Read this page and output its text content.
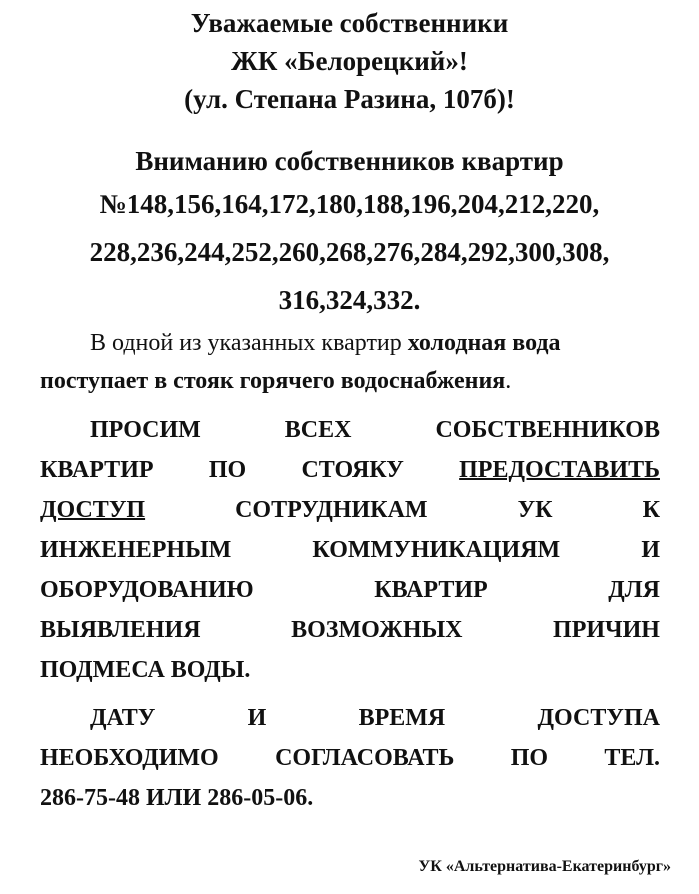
Уважаемые собственники
ЖК «Белорецкий»!
(ул. Степана Разина, 107б)!
Вниманию собственников квартир
№148,156,164,172,180,188,196,204,212,220,
228,236,244,252,260,268,276,284,292,300,308,
316,324,332.
В одной из указанных квартир холодная вода
поступает в стояк горячего водоснабжения.
ПРОСИМ	ВСЕХ	СОБСТВЕННИКОВ
КВАРТИР ПО СТОЯКУ ПРЕДОСТАВИТЬ
ДОСТУП	СОТРУДНИКАМ	УК	К
ИНЖЕНЕРНЫМ	КОММУНИКАЦИЯМ	И
ОБОРУДОВАНИЮ	КВАРТИР	ДЛЯ
ВЫЯВЛЕНИЯ	ВОЗМОЖНЫХ	ПРИЧИН
ПОДМЕСА ВОДЫ.
ДАТУ	И	ВРЕМЯ	ДОСТУПА
НЕОБХОДИМО СОГЛАСОВАТЬ ПО ТЕЛ.
286-75-48 ИЛИ 286-05-06.
УК «Альтернатива-Екатеринбург»
